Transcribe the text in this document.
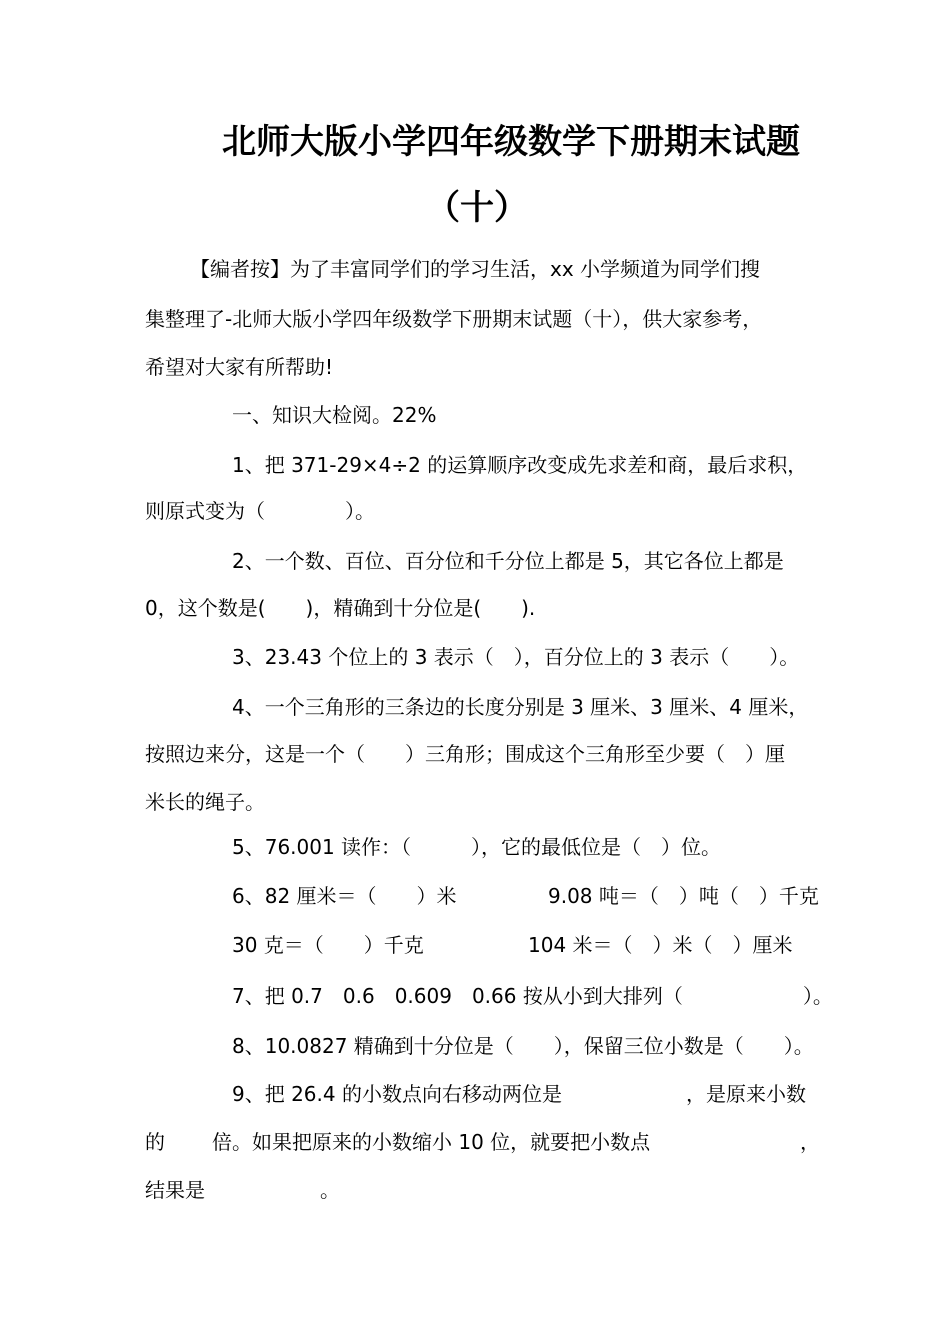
北师大版小学四年级数学下册期末试题
（十）
【编者按】为了丰富同学们的学习生活，xx 小学频道为同学们搜
集整理了-北师大版小学四年级数学下册期末试题（十），供大家参考，
希望对大家有所帮助!
一、知识大检阅。22%
1、把 371-29×4÷2 的运算顺序改变成先求差和商，最后求积，
则原式变为（　　　　）。
2、一个数、百位、百分位和千分位上都是 5，其它各位上都是
0，这个数是(　　)，精确到十分位是(　　).
3、23.43 个位上的 3 表示（　），百分位上的 3 表示（　　）。
4、一个三角形的三条边的长度分别是 3 厘米、3 厘米、4 厘米，
按照边来分，这是一个（　　）三角形；围成这个三角形至少要（　）厘
米长的绳子。
5、76.001 读作：（　　　），它的最低位是（　）位。
6、82 厘米＝（　　）米	9.08 吨＝（　）吨（　）千克
30 克＝（　　）千克	104 米＝（　）米（　）厘米
7、把 0.7　0.6　0.609　0.66 按从小到大排列（　　　　　　）。
8、10.0827 精确到十分位是（　　），保留三位小数是（　　）。
9、把 26.4 的小数点向右移动两位是	，是原来小数
的 倍。如果把原来的小数缩小 10 位，就要把小数点	，
结果是	。
